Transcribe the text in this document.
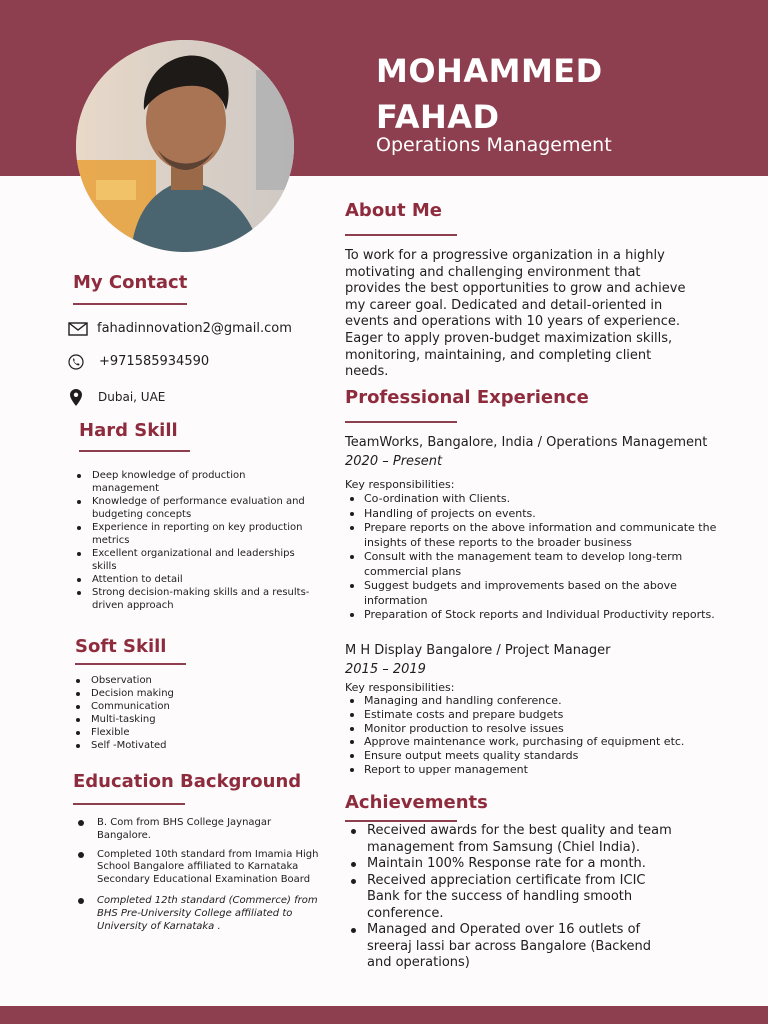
MOHAMMED
FAHAD
Operations Management
My Contact
fahadinnovation2@gmail.com
+971585934590
Dubai, UAE
Hard Skill
Deep knowledge of production management
Knowledge of performance evaluation and budgeting concepts
Experience in reporting on key production metrics
Excellent organizational and leaderships skills
Attention to detail
Strong decision-making skills and a results-driven approach
Soft Skill
Observation
Decision making
Communication
Multi-tasking
Flexible
Self -Motivated
Education Background
B. Com from BHS College Jaynagar Bangalore.
Completed 10th standard from Imamia High School Bangalore affiliated to Karnataka Secondary Educational Examination Board
Completed 12th standard (Commerce) from BHS Pre-University College affiliated to University of Karnataka .
About Me

To work for a progressive organization in a highly motivating and challenging environment that provides the best opportunities to grow and achieve my career goal. Dedicated and detail-oriented in events and operations with 10 years of experience. Eager to apply proven-budget maximization skills, monitoring, maintaining, and completing client needs.

Professional Experience
TeamWorks, Bangalore, India / Operations Management
2020 – Present
Key responsibilities:
Co-ordination with Clients.
Handling of projects on events.
Prepare reports on the above information and communicate the insights of these reports to the broader business
Consult with the management team to develop long-term commercial plans
Suggest budgets and improvements based on the above information
Preparation of Stock reports and Individual Productivity reports.
M H Display Bangalore / Project Manager
2015 – 2019
Key responsibilities:
Managing and handling conference.
Estimate costs and prepare budgets
Monitor production to resolve issues
Approve maintenance work, purchasing of equipment etc.
Ensure output meets quality standards
Report to upper management
Achievements
Received awards for the best quality and team management from Samsung (Chiel India).
Maintain 100% Response rate for a month.
Received appreciation certificate from ICIC Bank for the success of handling smooth conference.
Managed and Operated over 16 outlets of sreeraj lassi bar across Bangalore (Backend and operations)
